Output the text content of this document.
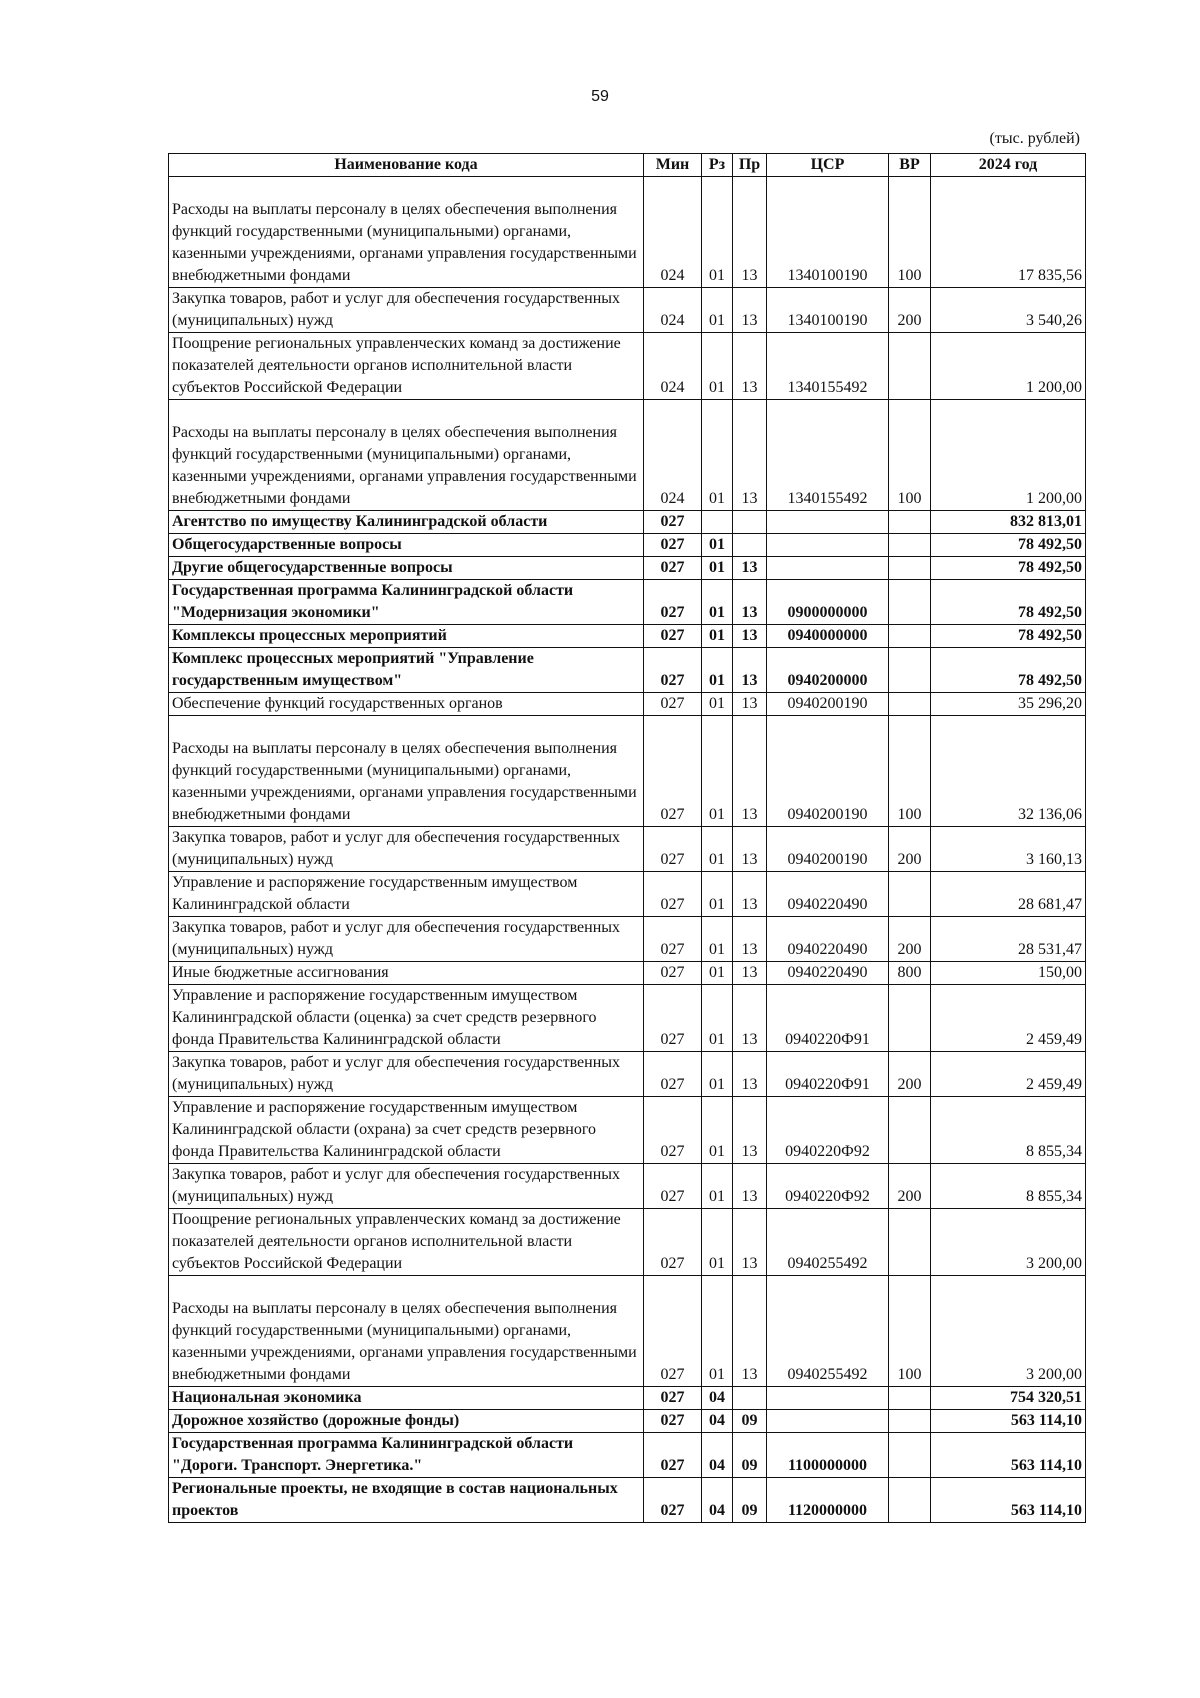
59
(тыс. рублей)
Наименование кода	Мин	Рз	Пр	ЦСР	ВР	2024 год
Расходы на выплаты персоналу в целях обеспечения выполнения функций государственными (муниципальными) органами, казенными учреждениями, органами управления государственными внебюджетными фондами	024	01	13	1340100190	100	17 835,56
Закупка товаров, работ и услуг для обеспечения государственных (муниципальных) нужд	024	01	13	1340100190	200	3 540,26
Поощрение региональных управленческих команд за достижение показателей деятельности органов исполнительной власти субъектов Российской Федерации	024	01	13	1340155492		1 200,00
Расходы на выплаты персоналу в целях обеспечения выполнения функций государственными (муниципальными) органами, казенными учреждениями, органами управления государственными внебюджетными фондами	024	01	13	1340155492	100	1 200,00
Агентство по имуществу Калининградской области	027					832 813,01
Общегосударственные вопросы	027	01				78 492,50
Другие общегосударственные вопросы	027	01	13			78 492,50
Государственная программа Калининградской области "Модернизация экономики"	027	01	13	0900000000		78 492,50
Комплексы процессных мероприятий	027	01	13	0940000000		78 492,50
Комплекс процессных мероприятий "Управление государственным имуществом"	027	01	13	0940200000		78 492,50
Обеспечение функций государственных органов	027	01	13	0940200190		35 296,20
Расходы на выплаты персоналу в целях обеспечения выполнения функций государственными (муниципальными) органами, казенными учреждениями, органами управления государственными внебюджетными фондами	027	01	13	0940200190	100	32 136,06
Закупка товаров, работ и услуг для обеспечения государственных (муниципальных) нужд	027	01	13	0940200190	200	3 160,13
Управление и распоряжение государственным имуществом Калининградской области	027	01	13	0940220490		28 681,47
Закупка товаров, работ и услуг для обеспечения государственных (муниципальных) нужд	027	01	13	0940220490	200	28 531,47
Иные бюджетные ассигнования	027	01	13	0940220490	800	150,00
Управление и распоряжение государственным имуществом Калининградской области (оценка) за счет средств резервного фонда Правительства Калининградской области	027	01	13	0940220Ф91		2 459,49
Закупка товаров, работ и услуг для обеспечения государственных (муниципальных) нужд	027	01	13	0940220Ф91	200	2 459,49
Управление и распоряжение государственным имуществом Калининградской области (охрана) за счет средств резервного фонда Правительства Калининградской области	027	01	13	0940220Ф92		8 855,34
Закупка товаров, работ и услуг для обеспечения государственных (муниципальных) нужд	027	01	13	0940220Ф92	200	8 855,34
Поощрение региональных управленческих команд за достижение показателей деятельности органов исполнительной власти субъектов Российской Федерации	027	01	13	0940255492		3 200,00
Расходы на выплаты персоналу в целях обеспечения выполнения функций государственными (муниципальными) органами, казенными учреждениями, органами управления государственными внебюджетными фондами	027	01	13	0940255492	100	3 200,00
Национальная экономика	027	04				754 320,51
Дорожное хозяйство (дорожные фонды)	027	04	09			563 114,10
Государственная программа Калининградской области "Дороги. Транспорт. Энергетика."	027	04	09	1100000000		563 114,10
Региональные проекты, не входящие в состав национальных проектов	027	04	09	1120000000		563 114,10
